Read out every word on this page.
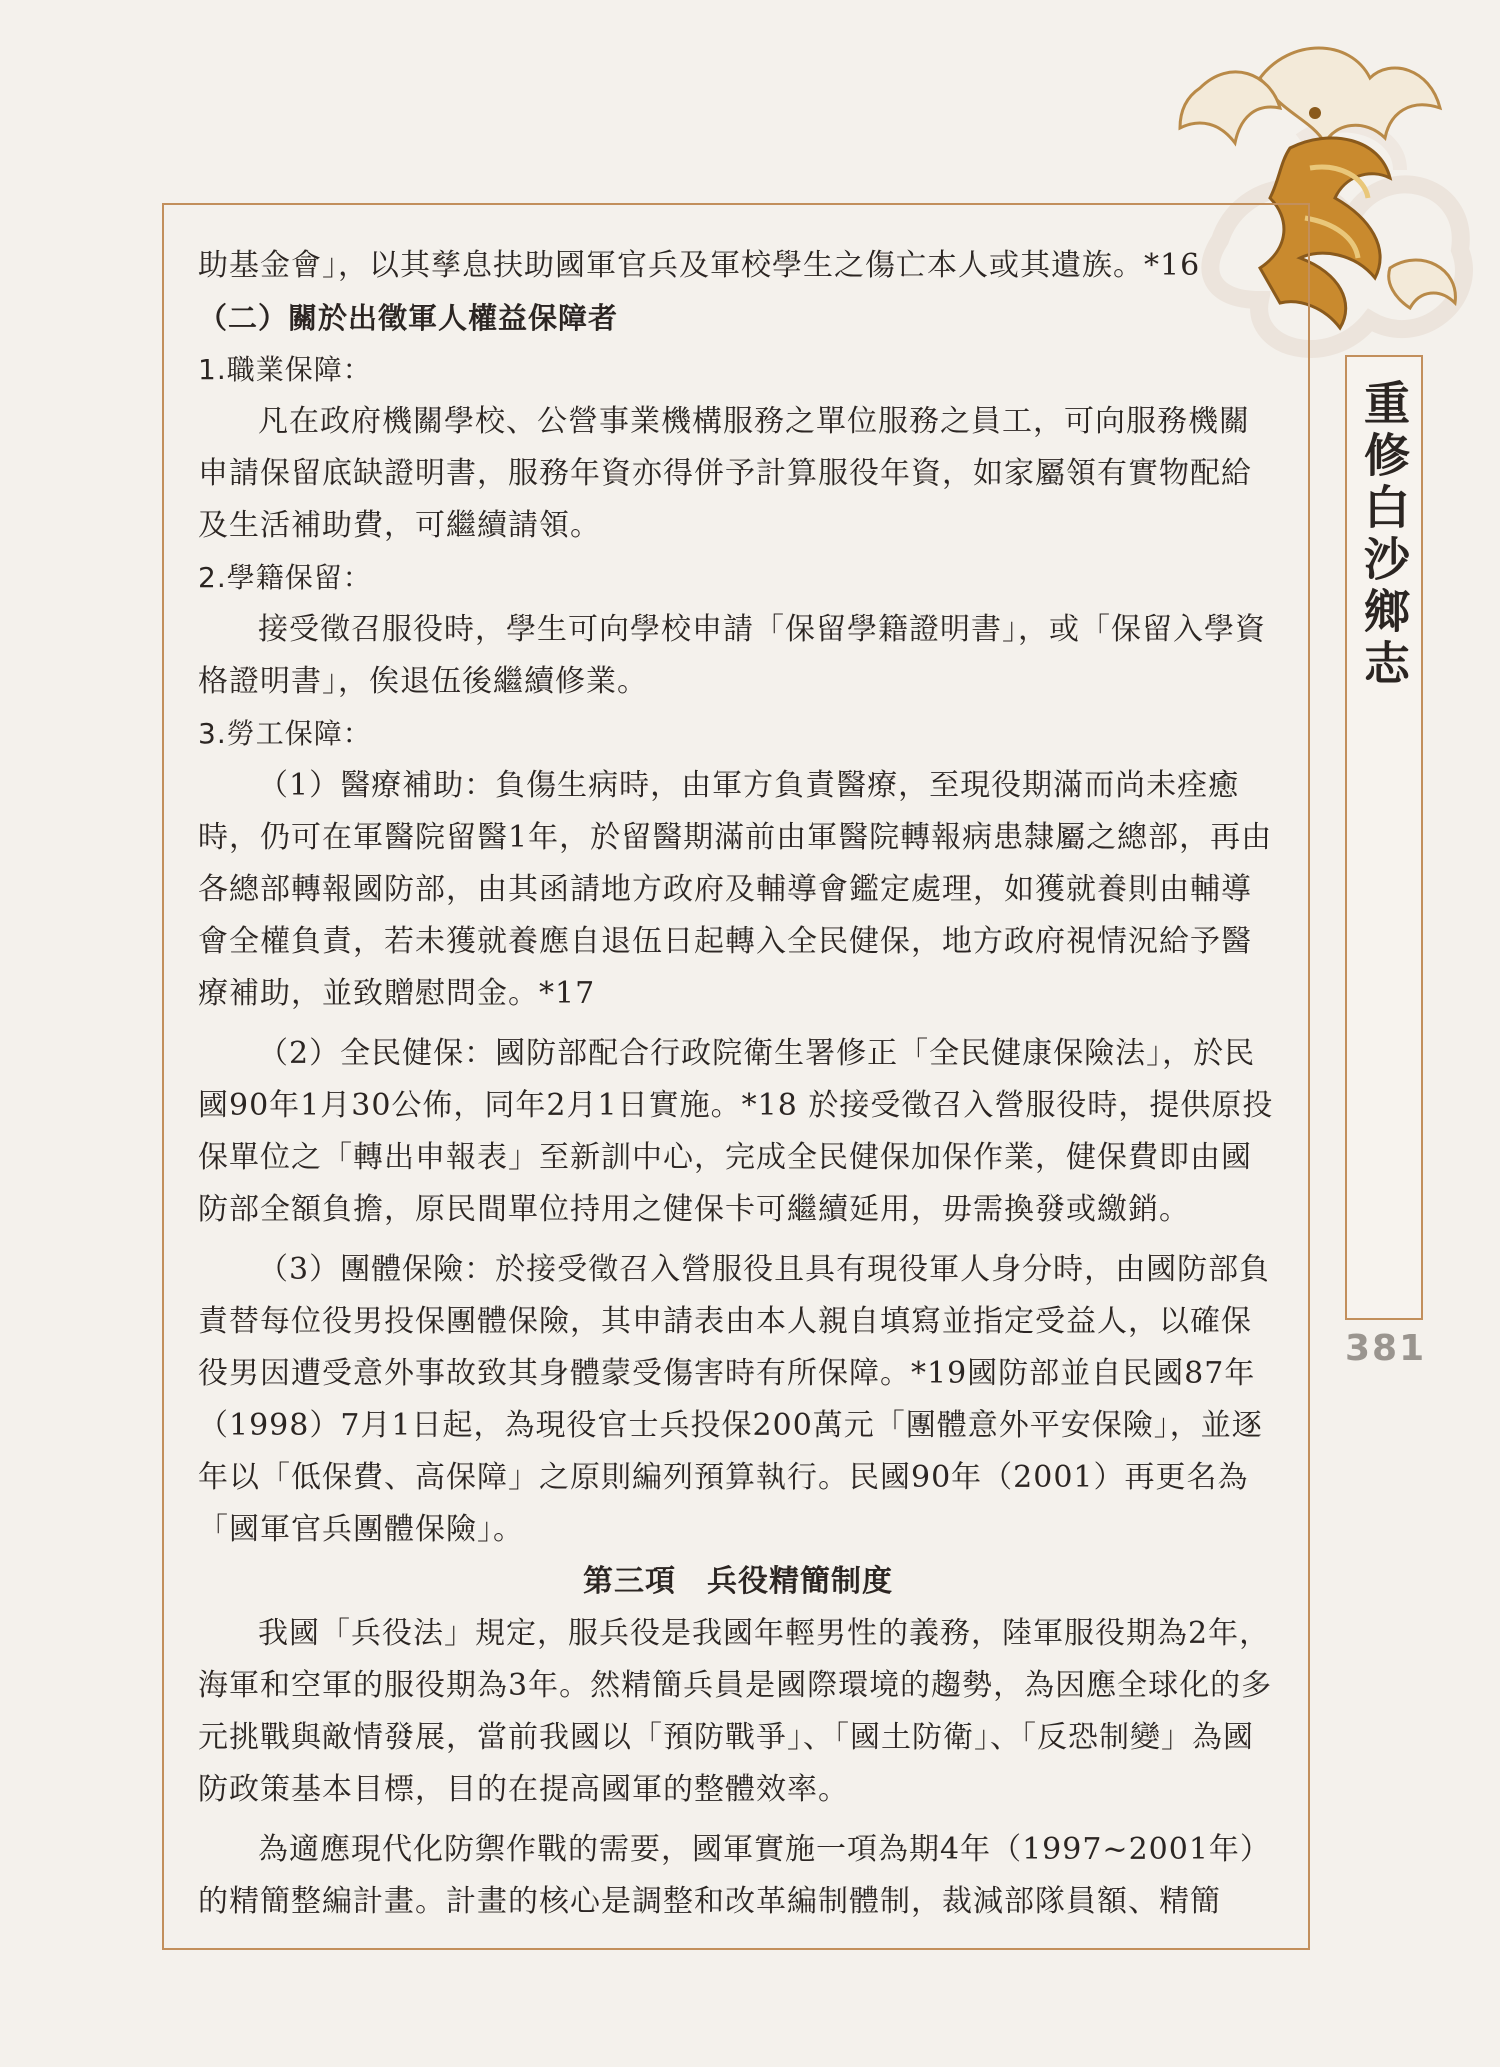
重修白沙鄉志
381

助基金會」，以其孳息扶助國軍官兵及軍校學生之傷亡本人或其遺族。*16

（二）關於出徵軍人權益保障者

1.職業保障：

凡在政府機關學校、公營事業機構服務之單位服務之員工，可向服務機關申請保留底缺證明書，服務年資亦得併予計算服役年資，如家屬領有實物配給及生活補助費，可繼續請領。

2.學籍保留：

接受徵召服役時，學生可向學校申請「保留學籍證明書」，或「保留入學資格證明書」，俟退伍後繼續修業。

3.勞工保障：

（1）醫療補助：負傷生病時，由軍方負責醫療，至現役期滿而尚未痊癒時，仍可在軍醫院留醫1年，於留醫期滿前由軍醫院轉報病患隸屬之總部，再由各總部轉報國防部，由其函請地方政府及輔導會鑑定處理，如獲就養則由輔導會全權負責，若未獲就養應自退伍日起轉入全民健保，地方政府視情況給予醫療補助，並致贈慰問金。*17

（2）全民健保：國防部配合行政院衛生署修正「全民健康保險法」，於民國90年1月30公佈，同年2月1日實施。*18 於接受徵召入營服役時，提供原投保單位之「轉出申報表」至新訓中心，完成全民健保加保作業，健保費即由國防部全額負擔，原民間單位持用之健保卡可繼續延用，毋需換發或繳銷。

（3）團體保險：於接受徵召入營服役且具有現役軍人身分時，由國防部負責替每位役男投保團體保險，其申請表由本人親自填寫並指定受益人，以確保役男因遭受意外事故致其身體蒙受傷害時有所保障。*19國防部並自民國87年（1998）7月1日起，為現役官士兵投保200萬元「團體意外平安保險」，並逐年以「低保費、高保障」之原則編列預算執行。民國90年（2001）再更名為「國軍官兵團體保險」。

第三項　兵役精簡制度

我國「兵役法」規定，服兵役是我國年輕男性的義務，陸軍服役期為2年，海軍和空軍的服役期為3年。然精簡兵員是國際環境的趨勢，為因應全球化的多元挑戰與敵情發展，當前我國以「預防戰爭」、「國土防衛」、「反恐制變」為國防政策基本目標，目的在提高國軍的整體效率。

為適應現代化防禦作戰的需要，國軍實施一項為期4年（1997~2001年）的精簡整編計畫。計畫的核心是調整和改革編制體制，裁減部隊員額、精簡
